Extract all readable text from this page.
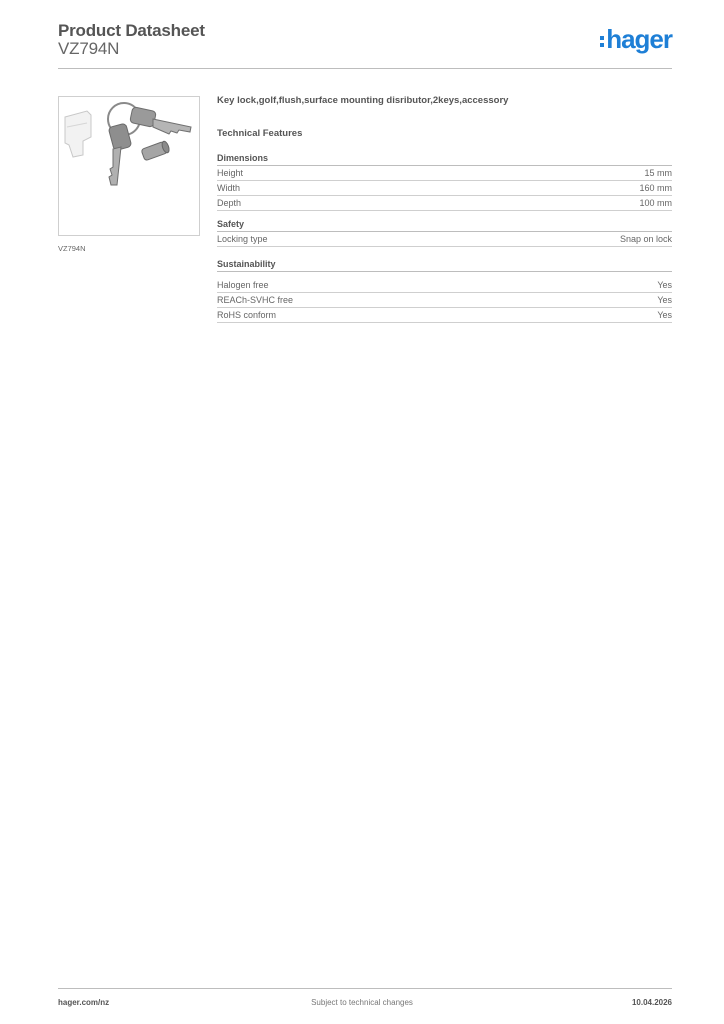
Product Datasheet
VZ794N	hager
VZ794N
Key lock,golf,flush,surface mounting disributor,2keys,accessory
Technical Features
Dimensions
Height	15 mm
Width	160 mm
Depth	100 mm
Safety
Locking type	Snap on lock
Sustainability
Halogen free	Yes
REACh-SVHC free	Yes
RoHS conform	Yes
hager.com/nz	Subject to technical changes	10.04.2026
